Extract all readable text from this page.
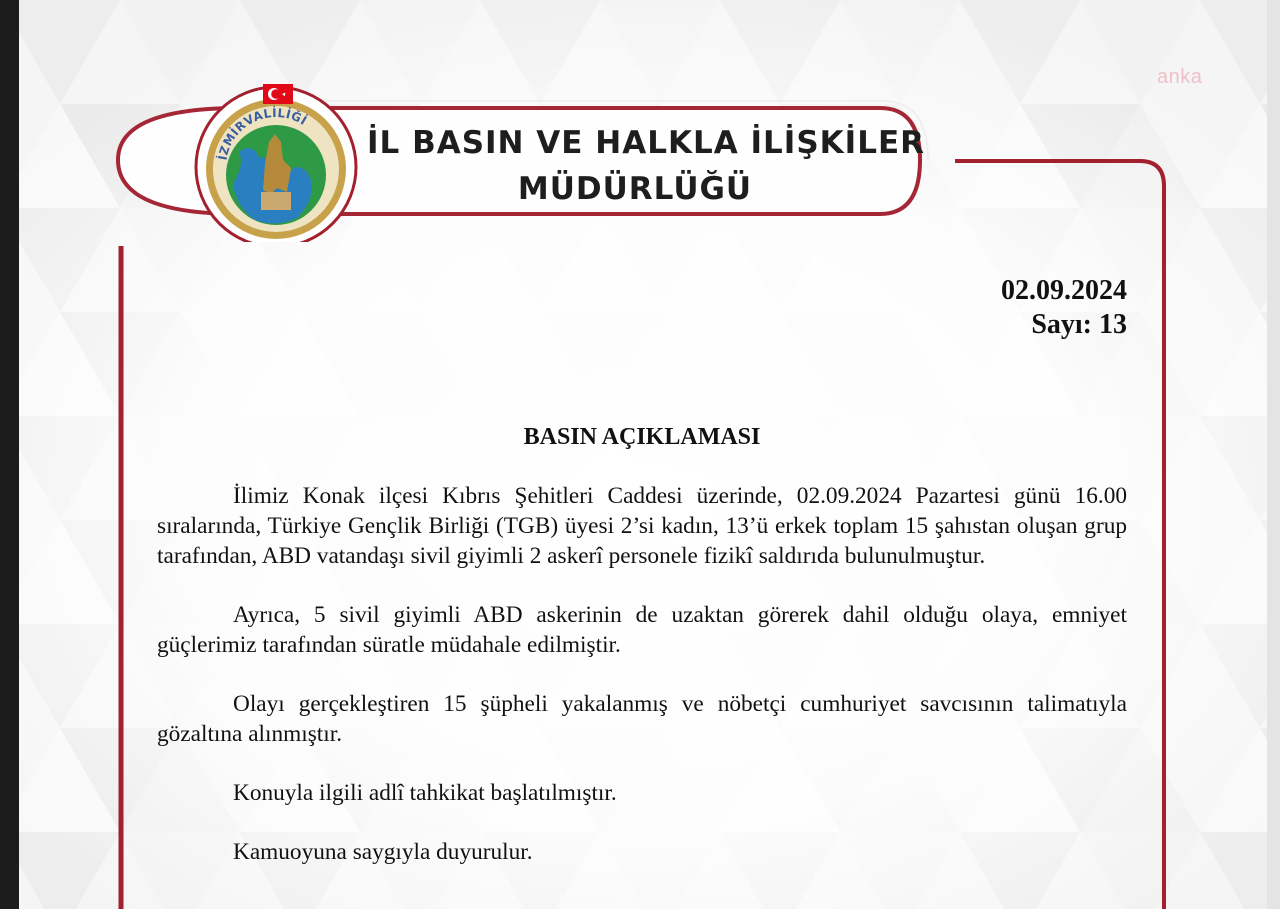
İZMİRVALİLİĞİ
İL BASIN VE HALKLA İLİŞKİLER
MÜDÜRLÜĞÜ
anka
02.09.2024
Sayı: 13
BASIN AÇIKLAMASI

İlimiz Konak ilçesi Kıbrıs Şehitleri Caddesi üzerinde, 02.09.2024 Pazartesi günü 16.00 sıralarında, Türkiye Gençlik Birliği (TGB) üyesi 2’si kadın, 13’ü erkek toplam 15 şahıstan oluşan grup tarafından, ABD vatandaşı sivil giyimli 2 askerî personele fizikî saldırıda bulunulmuştur.

Ayrıca, 5 sivil giyimli ABD askerinin de uzaktan görerek dahil olduğu olaya, emniyet güçlerimiz tarafından süratle müdahale edilmiştir.

Olayı gerçekleştiren 15 şüpheli yakalanmış ve nöbetçi cumhuriyet savcısının talimatıyla gözaltına alınmıştır.

Konuyla ilgili adlî tahkikat başlatılmıştır.

Kamuoyuna saygıyla duyurulur.
